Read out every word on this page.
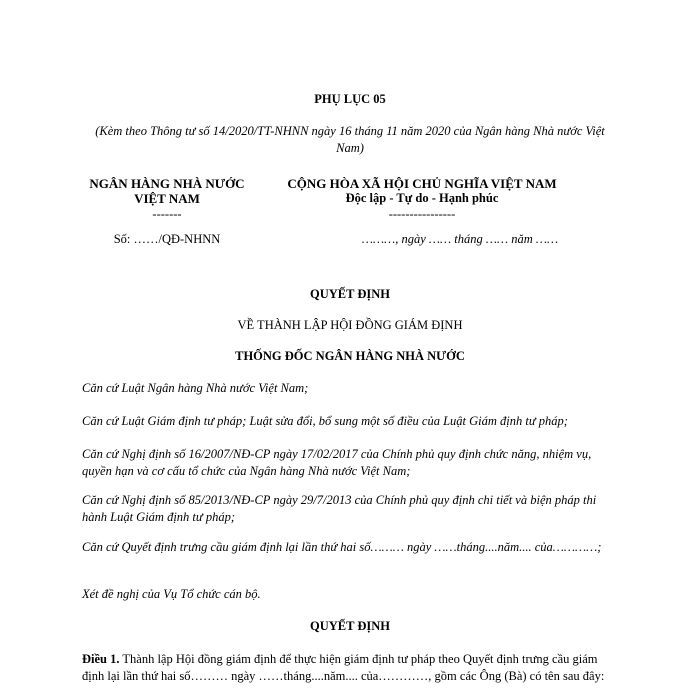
PHỤ LỤC 05
(Kèm theo Thông tư số 14/2020/TT-NHNN ngày 16 tháng 11 năm 2020 của Ngân hàng Nhà nước Việt Nam)
NGÂN HÀNG NHÀ NƯỚC
VIỆT NAM
-------
Số: ……/QĐ-NHNN
CỘNG HÒA XÃ HỘI CHỦ NGHĨA VIỆT NAM
Độc lập - Tự do - Hạnh phúc
----------------
………, ngày …… tháng …… năm ……
QUYẾT ĐỊNH
VỀ THÀNH LẬP HỘI ĐỒNG GIÁM ĐỊNH
THỐNG ĐỐC NGÂN HÀNG NHÀ NƯỚC
Căn cứ Luật Ngân hàng Nhà nước Việt Nam;
Căn cứ Luật Giám định tư pháp; Luật sửa đổi, bổ sung một số điều của Luật Giám định tư pháp;
Căn cứ Nghị định số 16/2007/NĐ-CP ngày 17/02/2017 của Chính phủ quy định chức năng, nhiệm vụ, quyền hạn và cơ cấu tổ chức của Ngân hàng Nhà nước Việt Nam;
Căn cứ Nghị định số 85/2013/NĐ-CP ngày 29/7/2013 của Chính phủ quy định chi tiết và biện pháp thi hành Luật Giám định tư pháp;
Căn cứ Quyết định trưng cầu giám định lại lần thứ hai số……… ngày ……tháng....năm.... của…………;
Xét đề nghị của Vụ Tổ chức cán bộ.
QUYẾT ĐỊNH
Điều 1. Thành lập Hội đồng giám định để thực hiện giám định tư pháp theo Quyết định trưng cầu giám định lại lần thứ hai số……… ngày ……tháng....năm.... của…………, gồm các Ông (Bà) có tên sau đây:
